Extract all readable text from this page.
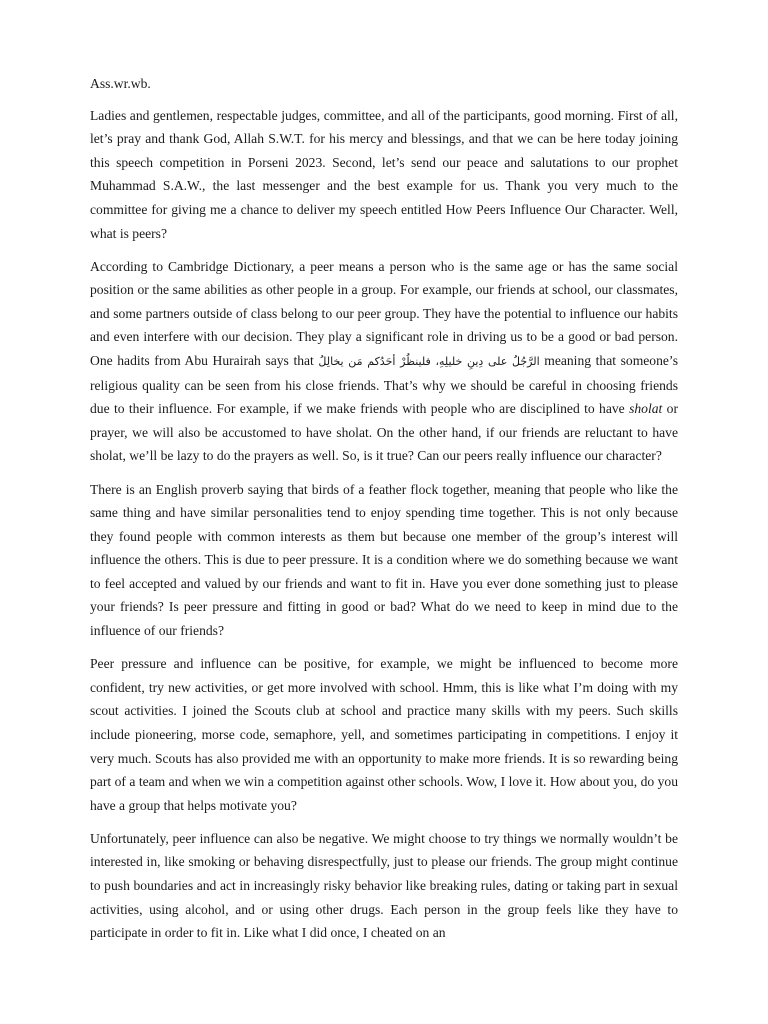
Ass.wr.wb.

Ladies and gentlemen, respectable judges, committee, and all of the participants, good morning. First of all, let’s pray and thank God, Allah S.W.T. for his mercy and blessings, and that we can be here today joining this speech competition in Porseni 2023. Second, let’s send our peace and salutations to our prophet Muhammad S.A.W., the last messenger and the best example for us. Thank you very much to the committee for giving me a chance to deliver my speech entitled How Peers Influence Our Character. Well, what is peers?

According to Cambridge Dictionary, a peer means a person who is the same age or has the same social position or the same abilities as other people in a group. For example, our friends at school, our classmates, and some partners outside of class belong to our peer group. They have the potential to influence our habits and even interfere with our decision. They play a significant role in driving us to be a good or bad person. One hadits from Abu Hurairah says that الرَّجُلُ على دِينِ خليلِهِ، فلينظُرْ أحَدُكم مَن يخالِلُ meaning that someone’s religious quality can be seen from his close friends. That’s why we should be careful in choosing friends due to their influence. For example, if we make friends with people who are disciplined to have sholat or prayer, we will also be accustomed to have sholat. On the other hand, if our friends are reluctant to have sholat, we’ll be lazy to do the prayers as well. So, is it true? Can our peers really influence our character?

There is an English proverb saying that birds of a feather flock together, meaning that people who like the same thing and have similar personalities tend to enjoy spending time together. This is not only because they found people with common interests as them but because one member of the group’s interest will influence the others. This is due to peer pressure. It is a condition where we do something because we want to feel accepted and valued by our friends and want to fit in. Have you ever done something just to please your friends? Is peer pressure and fitting in good or bad? What do we need to keep in mind due to the influence of our friends?

Peer pressure and influence can be positive, for example, we might be influenced to become more confident, try new activities, or get more involved with school. Hmm, this is like what I’m doing with my scout activities. I joined the Scouts club at school and practice many skills with my peers. Such skills include pioneering, morse code, semaphore, yell, and sometimes participating in competitions. I enjoy it very much. Scouts has also provided me with an opportunity to make more friends. It is so rewarding being part of a team and when we win a competition against other schools. Wow, I love it. How about you, do you have a group that helps motivate you?

Unfortunately, peer influence can also be negative. We might choose to try things we normally wouldn’t be interested in, like smoking or behaving disrespectfully, just to please our friends. The group might continue to push boundaries and act in increasingly risky behavior like breaking rules, dating or taking part in sexual activities, using alcohol, and or using other drugs. Each person in the group feels like they have to participate in order to fit in. Like what I did once, I cheated on an
